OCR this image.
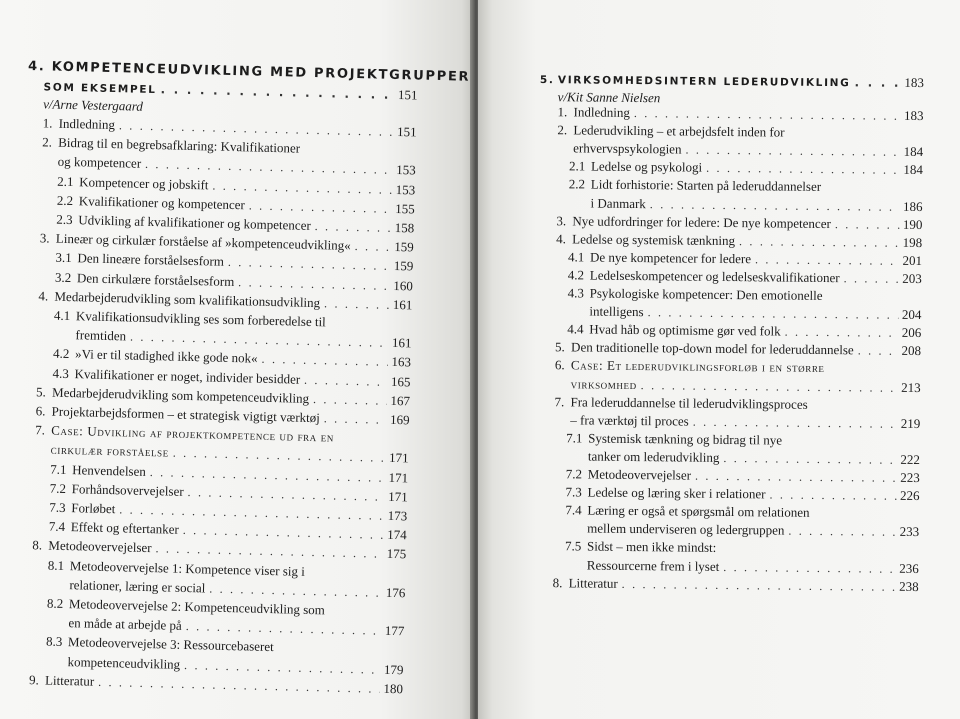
4. KOMPETENCEUDVIKLING MED PROJEKTGRUPPER
SOM EKSEMPEL . . .	151
v/Arne Vestergaard
1. Indledning . . .	151
2. Bidrag til en begrebsafklaring: Kvalifikationer
og kompetencer . . .	153
2.1 Kompetencer og jobskift . . .	153
2.2 Kvalifikationer og kompetencer . . .	155
2.3 Udvikling af kvalifikationer og kompetencer . . .	158
3. Lineær og cirkulær forståelse af »kompetenceudvikling« . . .	159
3.1 Den lineære forståelsesform . . .	159
3.2 Den cirkulære forståelsesform . . .	160
4. Medarbejderudvikling som kvalifikationsudvikling . . .	161
4.1 Kvalifikationsudvikling ses som forberedelse til
fremtiden . . .	161
4.2 »Vi er til stadighed ikke gode nok« . . .	163
4.3 Kvalifikationer er noget, individer besidder . . .	165
5. Medarbejderudvikling som kompetenceudvikling . . .	167
6. Projektarbejdsformen – et strategisk vigtigt værktøj . . .	169
7. Case: Udvikling af projektkompetence ud fra en
cirkulær forståelse . . .	171
7.1 Henvendelsen . . .	171
7.2 Forhåndsovervejelser . . .	171
7.3 Forløbet . . .	173
7.4 Effekt og eftertanker . . .	174
8. Metodeovervejelser . . .	175
8.1 Metodeovervejelse 1: Kompetence viser sig i
relationer, læring er social . . .	176
8.2 Metodeovervejelse 2: Kompetenceudvikling som
en måde at arbejde på . . .	177
8.3 Metodeovervejelse 3: Ressourcebaseret
kompetenceudvikling . . .	179
9. Litteratur . . .	180
5. VIRKSOMHEDSINTERN LEDERUDVIKLING . . .	183
v/Kit Sanne Nielsen
1. Indledning . . .	183
2. Lederudvikling – et arbejdsfelt inden for
erhvervspsykologien . . .	184
2.1 Ledelse og psykologi . . .	184
2.2 Lidt forhistorie: Starten på lederuddannelser
i Danmark . . .	186
3. Nye udfordringer for ledere: De nye kompetencer . . .	190
4. Ledelse og systemisk tænkning . . .	198
4.1 De nye kompetencer for ledere . . .	201
4.2 Ledelseskompetencer og ledelseskvalifikationer . . .	203
4.3 Psykologiske kompetencer: Den emotionelle
intelligens . . .	204
4.4 Hvad håb og optimisme gør ved folk . . .	206
5. Den traditionelle top-down model for lederuddannelse . . .	208
6. Case: Et lederudviklingsforløb i en større
virksomhed . . .	213
7. Fra lederuddannelse til lederudviklingsproces
– fra værktøj til proces . . .	219
7.1 Systemisk tænkning og bidrag til nye
tanker om lederudvikling . . .	222
7.2 Metodeovervejelser . . .	223
7.3 Ledelse og læring sker i relationer . . .	226
7.4 Læring er også et spørgsmål om relationen
mellem underviseren og ledergruppen . . .	233
7.5 Sidst – men ikke mindst:
Ressourcerne frem i lyset . . .	236
8. Litteratur . . .	238
